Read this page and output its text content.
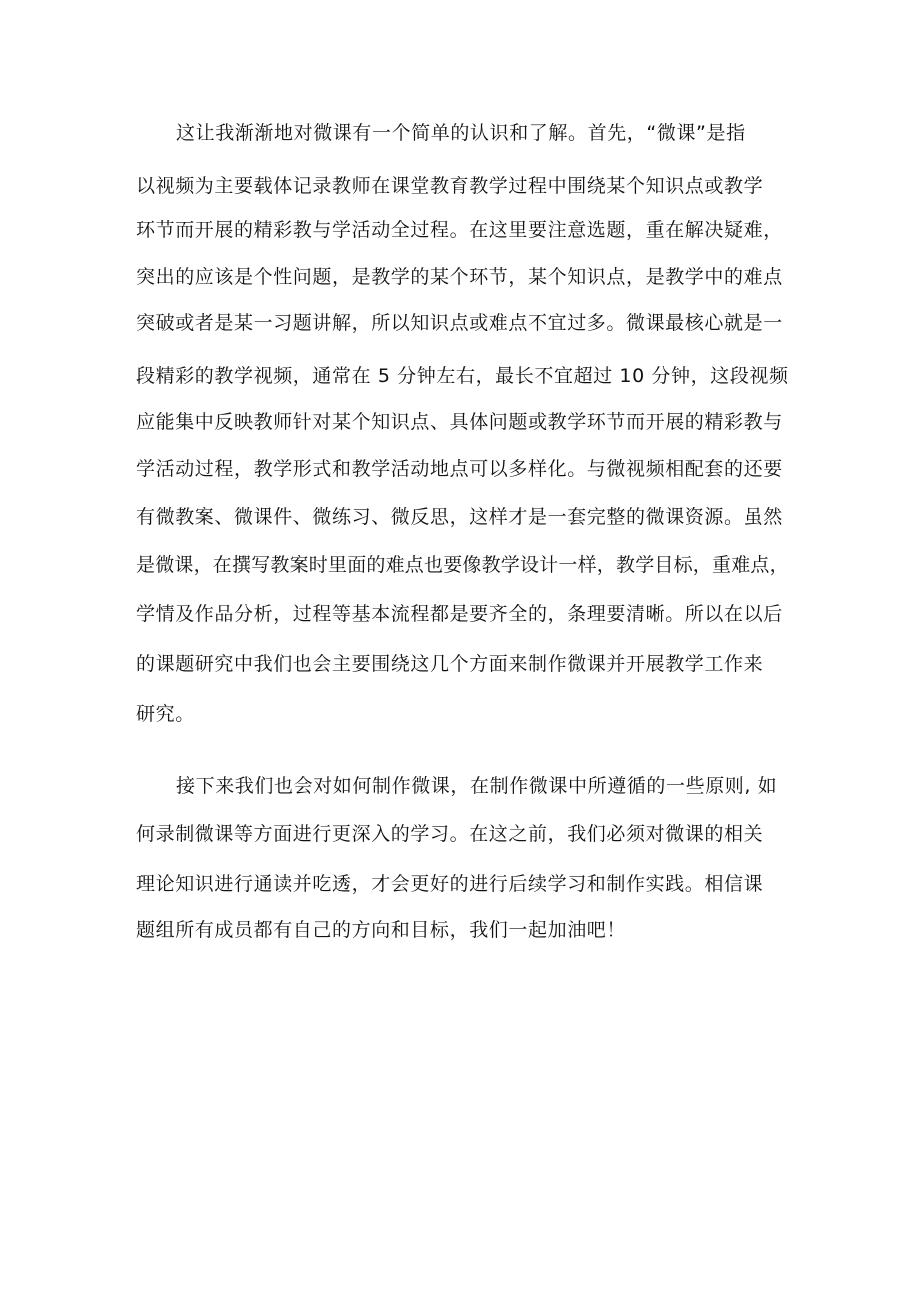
这让我渐渐地对微课有一个简单的认识和了解。首先，“微课”是指
以视频为主要载体记录教师在课堂教育教学过程中围绕某个知识点或教学
环节而开展的精彩教与学活动全过程。在这里要注意选题，重在解决疑难，
突出的应该是个性问题，是教学的某个环节，某个知识点，是教学中的难点
突破或者是某一习题讲解，所以知识点或难点不宜过多。微课最核心就是一
段精彩的教学视频，通常在 5 分钟左右，最长不宜超过 10 分钟，这段视频
应能集中反映教师针对某个知识点、具体问题或教学环节而开展的精彩教与
学活动过程，教学形式和教学活动地点可以多样化。与微视频相配套的还要
有微教案、微课件、微练习、微反思，这样才是一套完整的微课资源。虽然
是微课，在撰写教案时里面的难点也要像教学设计一样，教学目标，重难点，
学情及作品分析，过程等基本流程都是要齐全的，条理要清晰。所以在以后
的课题研究中我们也会主要围绕这几个方面来制作微课并开展教学工作来
研究。
接下来我们也会对如何制作微课，在制作微课中所遵循的一些原则, 如
何录制微课等方面进行更深入的学习。在这之前，我们必须对微课的相关
理论知识进行通读并吃透，才会更好的进行后续学习和制作实践。相信课
题组所有成员都有自己的方向和目标，我们一起加油吧！
